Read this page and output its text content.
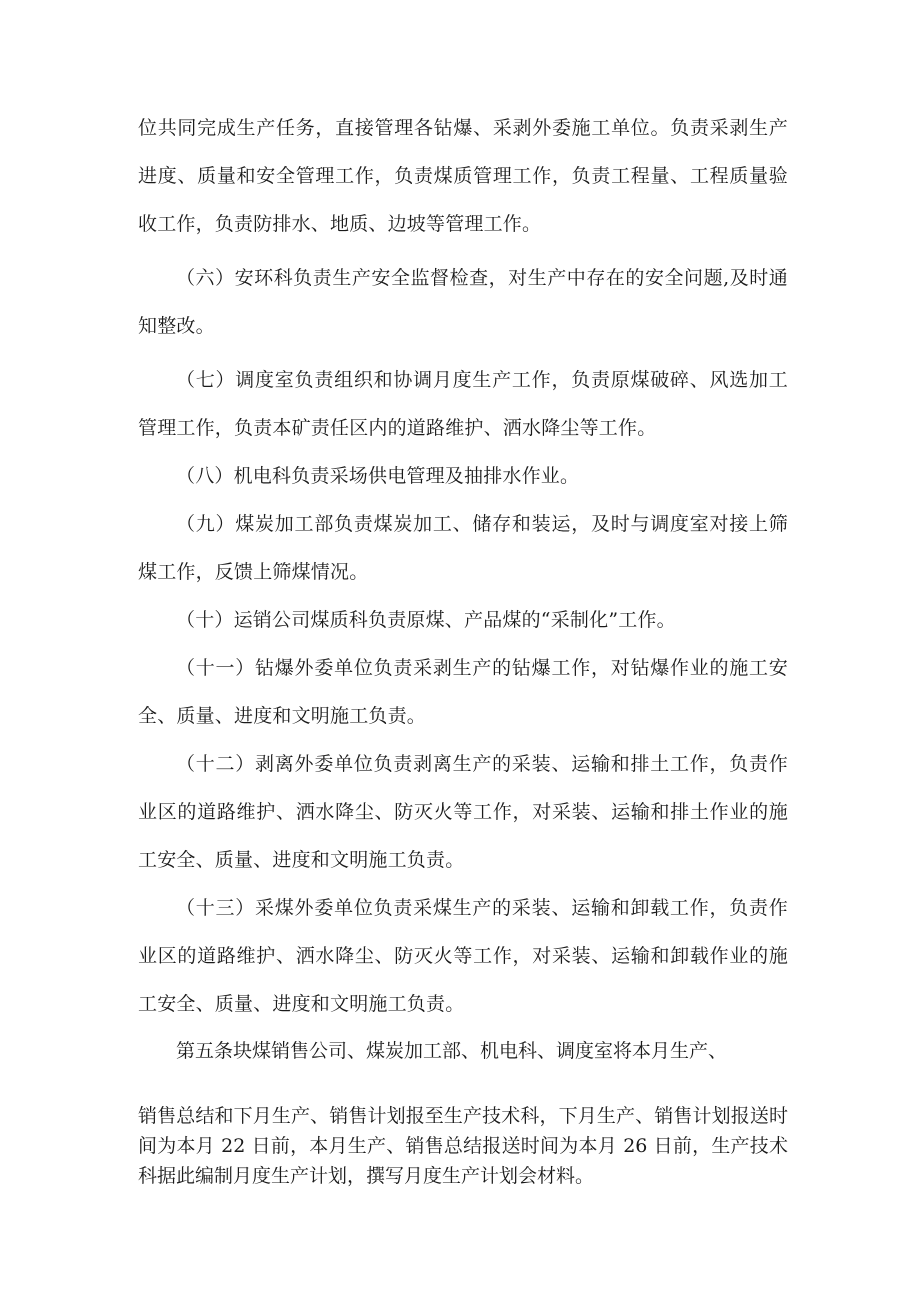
位共同完成生产任务，直接管理各钻爆、采剥外委施工单位。负责采剥生产进度、质量和安全管理工作，负责煤质管理工作，负责工程量、工程质量验收工作，负责防排水、地质、边坡等管理工作。

（六）安环科负责生产安全监督检查，对生产中存在的安全问题,及时通知整改。

（七）调度室负责组织和协调月度生产工作，负责原煤破碎、风选加工管理工作，负责本矿责任区内的道路维护、洒水降尘等工作。

（八）机电科负责采场供电管理及抽排水作业。

（九）煤炭加工部负责煤炭加工、储存和装运，及时与调度室对接上筛煤工作，反馈上筛煤情况。

（十）运销公司煤质科负责原煤、产品煤的“采制化”工作。

（十一）钻爆外委单位负责采剥生产的钻爆工作，对钻爆作业的施工安全、质量、进度和文明施工负责。

（十二）剥离外委单位负责剥离生产的采装、运输和排土工作，负责作业区的道路维护、洒水降尘、防灭火等工作，对采装、运输和排土作业的施工安全、质量、进度和文明施工负责。

（十三）采煤外委单位负责采煤生产的采装、运输和卸载工作，负责作业区的道路维护、洒水降尘、防灭火等工作，对采装、运输和卸载作业的施工安全、质量、进度和文明施工负责。

第五条块煤销售公司、煤炭加工部、机电科、调度室将本月生产、

销售总结和下月生产、销售计划报至生产技术科，下月生产、销售计划报送时间为本月 22 日前，本月生产、销售总结报送时间为本月 26 日前，生产技术科据此编制月度生产计划，撰写月度生产计划会材料。
